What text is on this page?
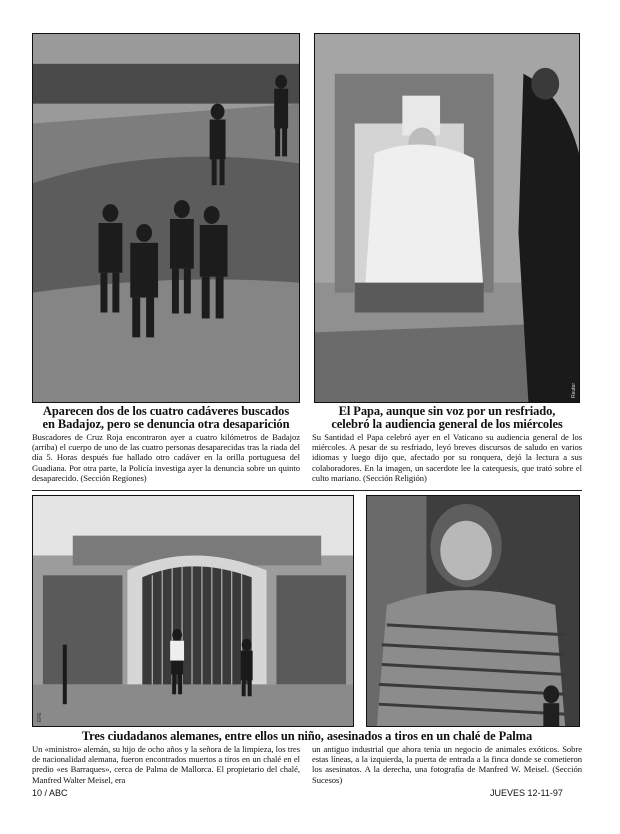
Reuter
Aparecen dos de los cuatro cadáveres buscados
en Badajoz, pero se denuncia otra desaparición
Buscadores de Cruz Roja encontraron ayer a cuatro kilómetros de Badajoz (arriba) el cuerpo de uno de las cuatro personas desaparecidas tras la riada del día 5. Horas después fue hallado otro cadáver en la orilla portuguesa del Guadiana. Por otra parte, la Policía investiga ayer la denuncia sobre un quinto desaparecido. (Sección Regiones)
El Papa, aunque sin voz por un resfriado,
celebró la audiencia general de los miércoles
Su Santidad el Papa celebró ayer en el Vaticano su audiencia general de los miércoles. A pesar de su resfriado, leyó breves discursos de saludo en varios idiomas y luego dijo que, afectado por su ronquera, dejó la lectura a sus colaboradores. En la imagen, un sacerdote lee la catequesis, que trató sobre el culto mariano. (Sección Religión)
EFE
Tres ciudadanos alemanes, entre ellos un niño, asesinados a tiros en un chalé de Palma
Un «ministro» alemán, su hijo de ocho años y la señora de la limpieza, los tres de nacionalidad alemana, fueron encontrados muertos a tiros en un chalé en el predio «es Barraques», cerca de Palma de Mallorca. El propietario del chalé, Manfred Walter Meisel, era
un antiguo industrial que ahora tenía un negocio de animales exóticos. Sobre estas líneas, a la izquierda, la puerta de entrada a la finca donde se cometieron los asesinatos. A la derecha, una fotografía de Manfred W. Meisel. (Sección Sucesos)
10 / ABC	JUEVES 12-11-97
